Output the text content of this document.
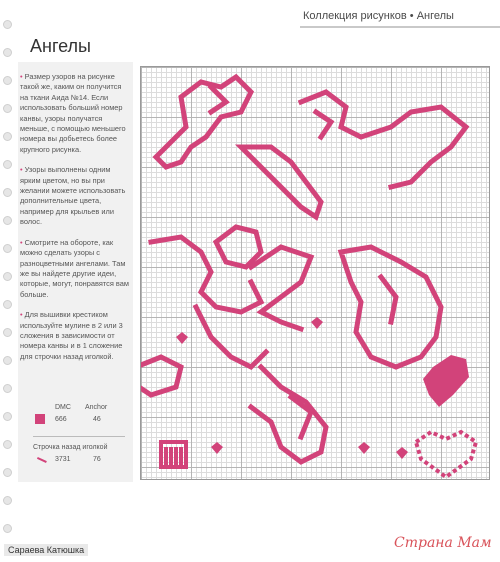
Коллекция рисунков • Ангелы
Ангелы
• Размер узоров на рисунке такой же, каким он получится на ткани Аида №14. Если использовать больший номер канвы, узоры получатся меньше, с помощью меньшего номера вы добьетесь более крупного рисунка.
• Узоры выполнены одним ярким цветом, но вы при желании можете использовать дополнительные цвета, например для крыльев или волос.
• Смотрите на обороте, как можно сделать узоры с разноцветными ангелами. Там же вы найдете другие идеи, которые, могут, понравятся вам больше.
• Для вышивки крестиком используйте мулине в 2 или 3 сложения в зависимости от номера канвы и в 1 сложение для строчки назад иголкой.
DMC Anchor
666	46
Строчка назад иголкой
3731	76
Сараева Катюшка	Страна Мам
